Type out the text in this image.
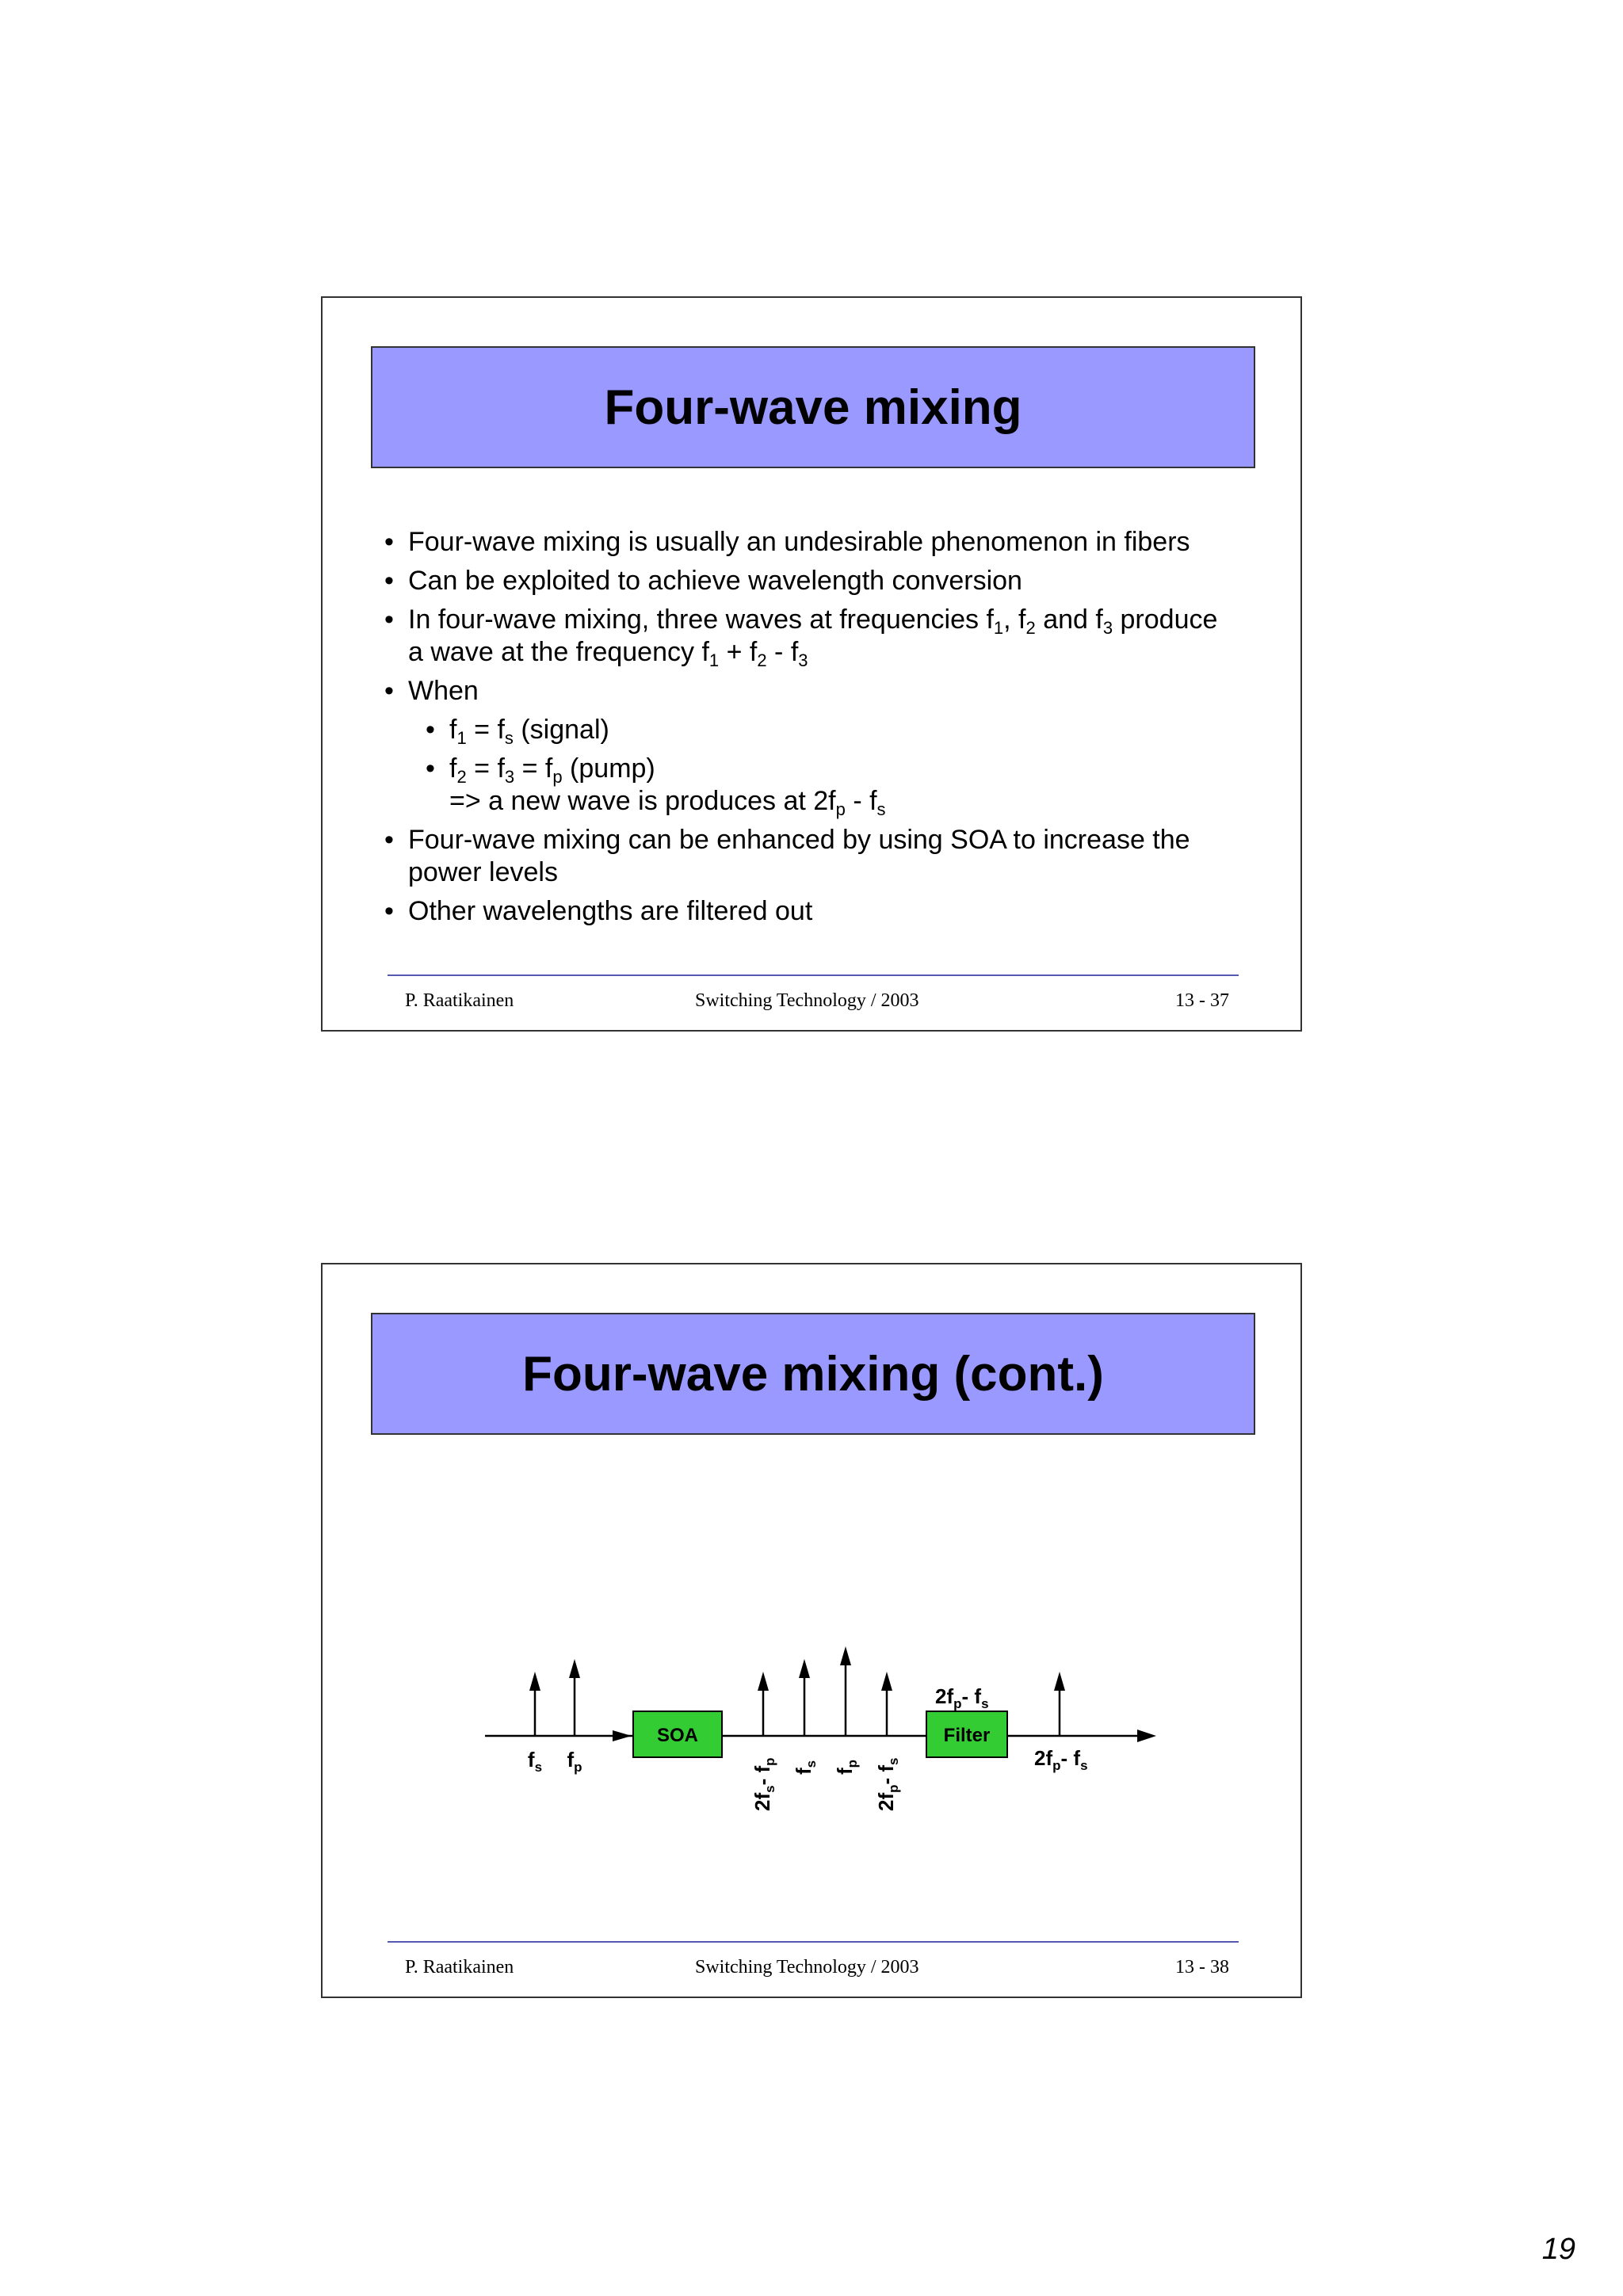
Four-wave mixing
• Four-wave mixing is usually an undesirable phenomenon in fibers
• Can be exploited to achieve wavelength conversion
• In four-wave mixing, three waves at frequencies $f_1$, $f_2$ and $f_3$ produce
a wave at the frequency $f_1 + f_2 - f_3$
• When
• $f_1 = f_s$ (signal)
• $f_2 = f_3 = f_p$ (pump)
=> a new wave is produces at $2f_p - f_s$
• Four-wave mixing can be enhanced by using SOA to increase the
power levels
• Other wavelengths are filtered out
P. Raatikainen	Switching Technology / 2003	13 - 37
Four-wave mixing (cont.)
SOA	Filter
$f_s$ $f_p$
$2f_s-$ $f_p$
$f_s$
$f_p$
$2f_p-$ $f_s$
$2f_p-$ $f_s$
$2f_p-$ $f_s$
P. Raatikainen	Switching Technology / 2003	13 - 38
19
